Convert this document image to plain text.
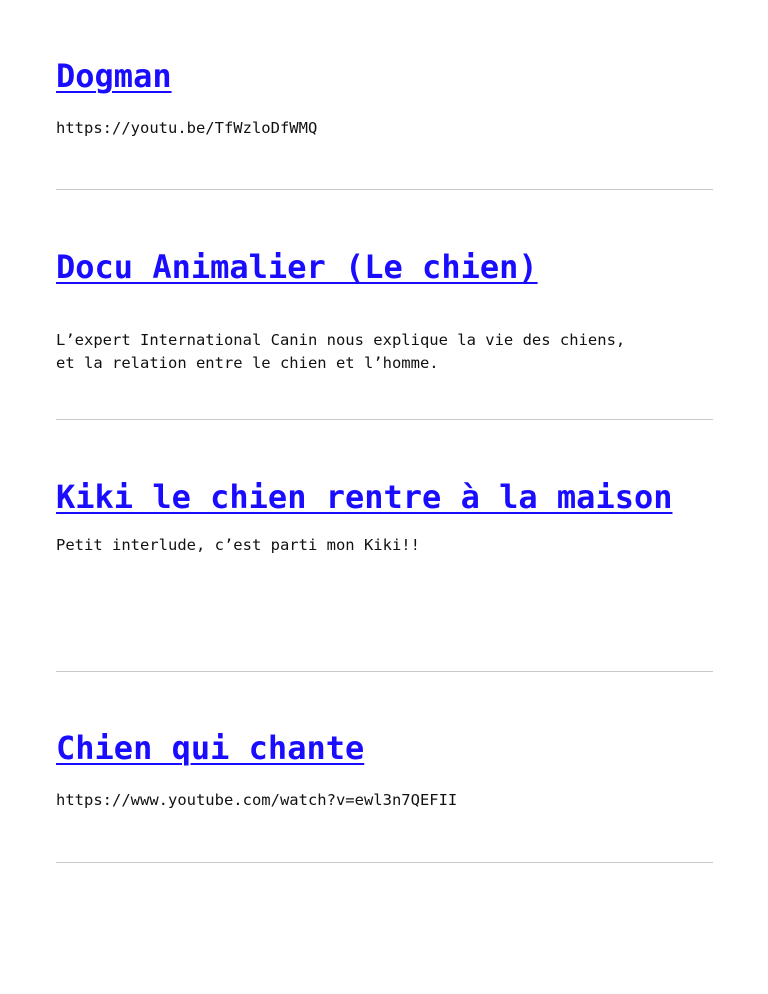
Dogman

https://youtu.be/TfWzloDfWMQ

Docu Animalier (Le chien)

L’expert International Canin nous explique la vie des chiens,
et la relation entre le chien et l’homme.

Kiki le chien rentre à la maison

Petit interlude, c’est parti mon Kiki!!

Chien qui chante

https://www.youtube.com/watch?v=ewl3n7QEFII
